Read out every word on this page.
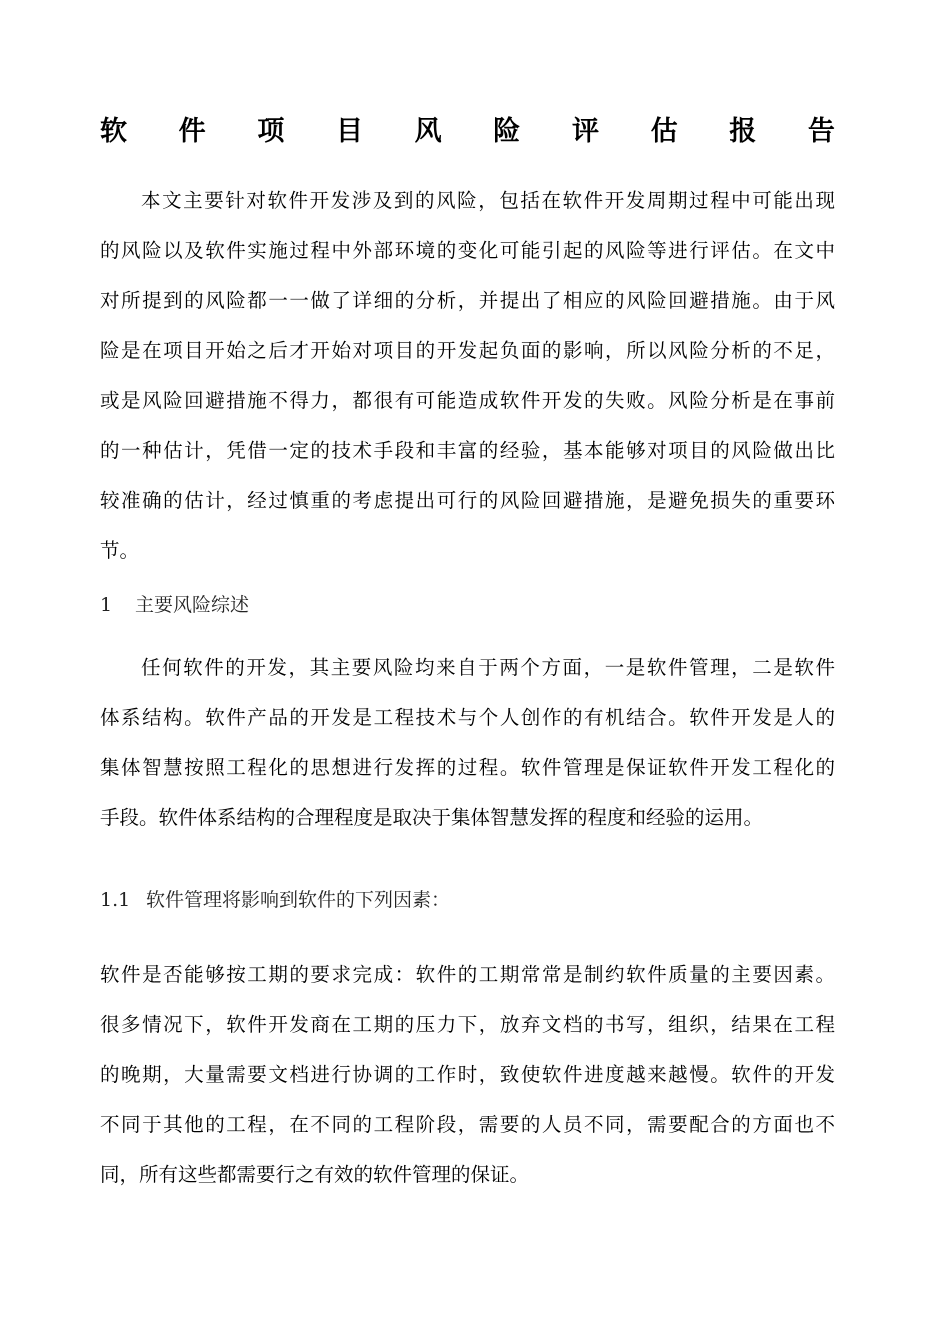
软 件 项 目 风 险 评 估 报 告
本文主要针对软件开发涉及到的风险，包括在软件开发周期过程中可能出现
的风险以及软件实施过程中外部环境的变化可能引起的风险等进行评估。在文中
对所提到的风险都一一做了详细的分析，并提出了相应的风险回避措施。由于风
险是在项目开始之后才开始对项目的开发起负面的影响，所以风险分析的不足，
或是风险回避措施不得力，都很有可能造成软件开发的失败。风险分析是在事前
的一种估计，凭借一定的技术手段和丰富的经验，基本能够对项目的风险做出比
较准确的估计，经过慎重的考虑提出可行的风险回避措施，是避免损失的重要环
节。
1 主要风险综述
任何软件的开发，其主要风险均来自于两个方面，一是软件管理，二是软件
体系结构。软件产品的开发是工程技术与个人创作的有机结合。软件开发是人的
集体智慧按照工程化的思想进行发挥的过程。软件管理是保证软件开发工程化的
手段。软件体系结构的合理程度是取决于集体智慧发挥的程度和经验的运用。
1.1 软件管理将影响到软件的下列因素：
软件是否能够按工期的要求完成：软件的工期常常是制约软件质量的主要因素。
很多情况下，软件开发商在工期的压力下，放弃文档的书写，组织，结果在工程
的晚期，大量需要文档进行协调的工作时，致使软件进度越来越慢。软件的开发
不同于其他的工程，在不同的工程阶段，需要的人员不同，需要配合的方面也不
同，所有这些都需要行之有效的软件管理的保证。
